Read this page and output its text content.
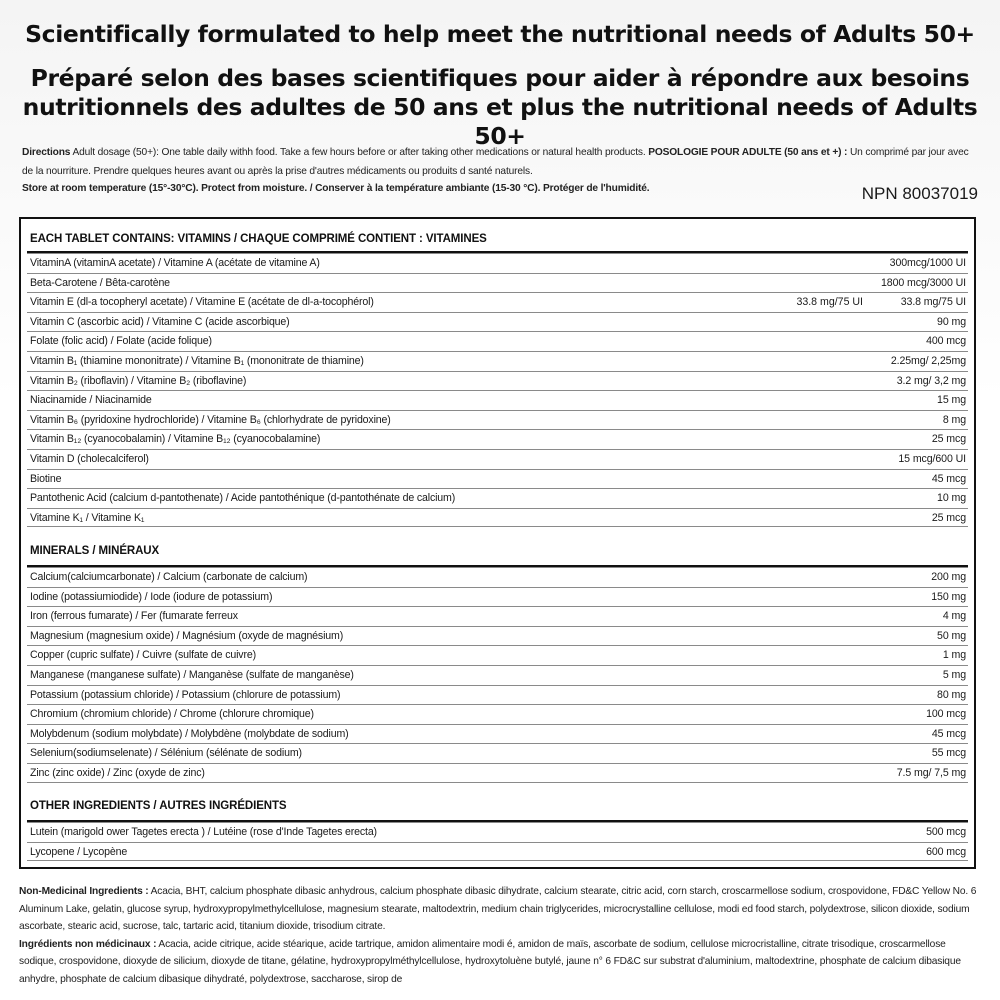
Scientifically formulated to help meet the nutritional needs of Adults 50+
Préparé selon des bases scientifiques pour aider à répondre aux besoins
nutritionnels des adultes de 50 ans et plus the nutritional needs of Adults 50+
Directions Adult dosage (50+): One table daily withh food. Take a few hours before or after taking other medications or natural health products. POSOLOGIE POUR ADULTE (50 ans et +) : Un comprimé par jour avec de la nourriture. Prendre quelques heures avant ou après la prise d'autres médicaments ou produits d santé naturels.
Store at room temperature (15°-30°C). Protect from moisture. / Conserver à la température ambiante (15-30 °C). Protéger de l'humidité.	NPN 80037019
EACH TABLET CONTAINS: VITAMINS / CHAQUE COMPRIMÉ CONTIENT : VITAMINES
VitaminA (vitaminA acetate) / Vitamine A (acétate de vitamine A)	300mcg/1000 UI
Beta-Carotene / Bêta-carotène	1800 mcg/3000 UI
Vitamin E (dl-a tocopheryl acetate) / Vitamine E (acétate de dl-a-tocophérol)	33.8 mg/75 UI	33.8 mg/75 UI
Vitamin C (ascorbic acid) / Vitamine C (acide ascorbique)	90 mg
Folate (folic acid) / Folate (acide folique)	400 mcg
Vitamin B₁ (thiamine mononitrate) / Vitamine B₁ (mononitrate de thiamine)	2.25mg/ 2,25mg
Vitamin B₂ (riboflavin) / Vitamine B₂ (riboflavine)	3.2 mg/ 3,2 mg
Niacinamide / Niacinamide	15 mg
Vitamin B₆ (pyridoxine hydrochloride) / Vitamine B₆ (chlorhydrate de pyridoxine)	8 mg
Vitamin B₁₂ (cyanocobalamin) / Vitamine B₁₂ (cyanocobalamine)	25 mcg
Vitamin D (cholecalciferol)	15 mcg/600 UI
Biotine	45 mcg
Pantothenic Acid (calcium d-pantothenate) / Acide pantothénique (d-pantothénate de calcium)	10 mg
Vitamine K₁ / Vitamine K₁	25 mcg
MINERALS / MINÉRAUX
Calcium(calciumcarbonate) / Calcium (carbonate de calcium)	200 mg
Iodine (potassiumiodide) / Iode (iodure de potassium)	150 mg
Iron (ferrous fumarate) / Fer (fumarate ferreux	4 mg
Magnesium (magnesium oxide) / Magnésium (oxyde de magnésium)	50 mg
Copper (cupric sulfate) / Cuivre (sulfate de cuivre)	1 mg
Manganese (manganese sulfate) / Manganèse (sulfate de manganèse)	5 mg
Potassium (potassium chloride) / Potassium (chlorure de potassium)	80 mg
Chromium (chromium chloride) / Chrome (chlorure chromique)	100 mcg
Molybdenum (sodium molybdate) / Molybdène (molybdate de sodium)	45 mcg
Selenium(sodiumselenate) / Sélénium (sélénate de sodium)	55 mcg
Zinc (zinc oxide) / Zinc (oxyde de zinc)	7.5 mg/ 7,5 mg
OTHER INGREDIENTS / AUTRES INGRÉDIENTS
Lutein (marigold ower Tagetes erecta ) / Lutéine (rose d'Inde Tagetes erecta)	500 mcg
Lycopene / Lycopène	600 mcg
Non-Medicinal Ingredients : Acacia, BHT, calcium phosphate dibasic anhydrous, calcium phosphate dibasic dihydrate, calcium stearate, citric acid, corn starch, croscarmellose sodium, crospovidone, FD&C Yellow No. 6 Aluminum Lake, gelatin, glucose syrup, hydroxypropylmethylcellulose, magnesium stearate, maltodextrin, medium chain triglycerides, microcrystalline cellulose, modi ed food starch, polydextrose, silicon dioxide, sodium ascorbate, stearic acid, sucrose, talc, tartaric acid, titanium dioxide, trisodium citrate.
Ingrédients non médicinaux : Acacia, acide citrique, acide stéarique, acide tartrique, amidon alimentaire modi é, amidon de maïs, ascorbate de sodium, cellulose microcristalline, citrate trisodique, croscarmellose sodique, crospovidone, dioxyde de silicium, dioxyde de titane, gélatine, hydroxypropylméthylcellulose, hydroxytoluène butylé, jaune n° 6 FD&C sur substrat d'aluminium, maltodextrine, phosphate de calcium dibasique anhydre, phosphate de calcium dibasique dihydraté, polydextrose, saccharose, sirop de
